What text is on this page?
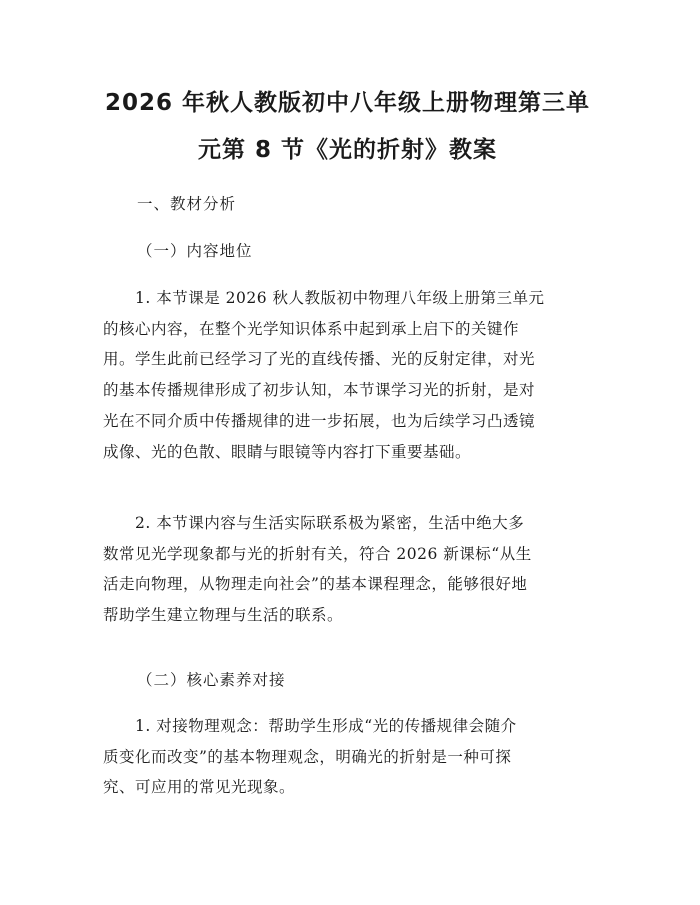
2026 年秋人教版初中八年级上册物理第三单
元第 8 节《光的折射》教案
一、教材分析
（一）内容地位
　　1. 本节课是 2026 秋人教版初中物理八年级上册第三单元
的核心内容，在整个光学知识体系中起到承上启下的关键作
用。学生此前已经学习了光的直线传播、光的反射定律，对光
的基本传播规律形成了初步认知，本节课学习光的折射，是对
光在不同介质中传播规律的进一步拓展，也为后续学习凸透镜
成像、光的色散、眼睛与眼镜等内容打下重要基础。
　　2. 本节课内容与生活实际联系极为紧密，生活中绝大多
数常见光学现象都与光的折射有关，符合 2026 新课标“从生
活走向物理，从物理走向社会”的基本课程理念，能够很好地
帮助学生建立物理与生活的联系。
（二）核心素养对接
　　1. 对接物理观念：帮助学生形成“光的传播规律会随介
质变化而改变”的基本物理观念，明确光的折射是一种可探
究、可应用的常见光现象。
